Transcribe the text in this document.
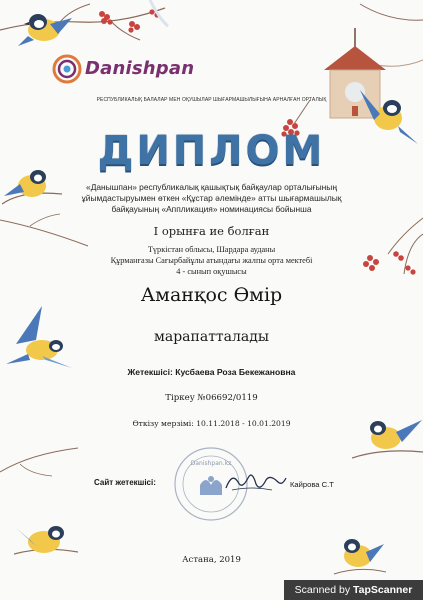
Danishpan
РЕСПУБЛИКАЛЫҚ БАЛАЛАР МЕН ОҚУШЫЛАР ШЫҒАРМАШЫЛЫҒЫНА АРНАЛҒАН ОРТАЛЫҚ
ДИПЛОМ
«Данышпан» республикалық қашықтық байқаулар орталығының
ұйымдастыруымен өткен «Құстар әлемінде» атты шығармашылық
байқауының «Аппликация» номинациясы бойынша
I орынға ие болған
Түркістан облысы, Шардара ауданы
Құрманғазы Сағырбайұлы атындағы жалпы орта мектебі
4 - сынып оқушысы
Аманқос Өмір
марапатталады
Жетекшісі: Кусбаева Роза Бекежановна
Тіркеу №06692/0119
Өткізу мерзімі: 10.11.2018 - 10.01.2019
Danishpan.kz
Сайт жетекшісі:	Кайрова С.Т
Астана, 2019
Scanned by TapScanner
